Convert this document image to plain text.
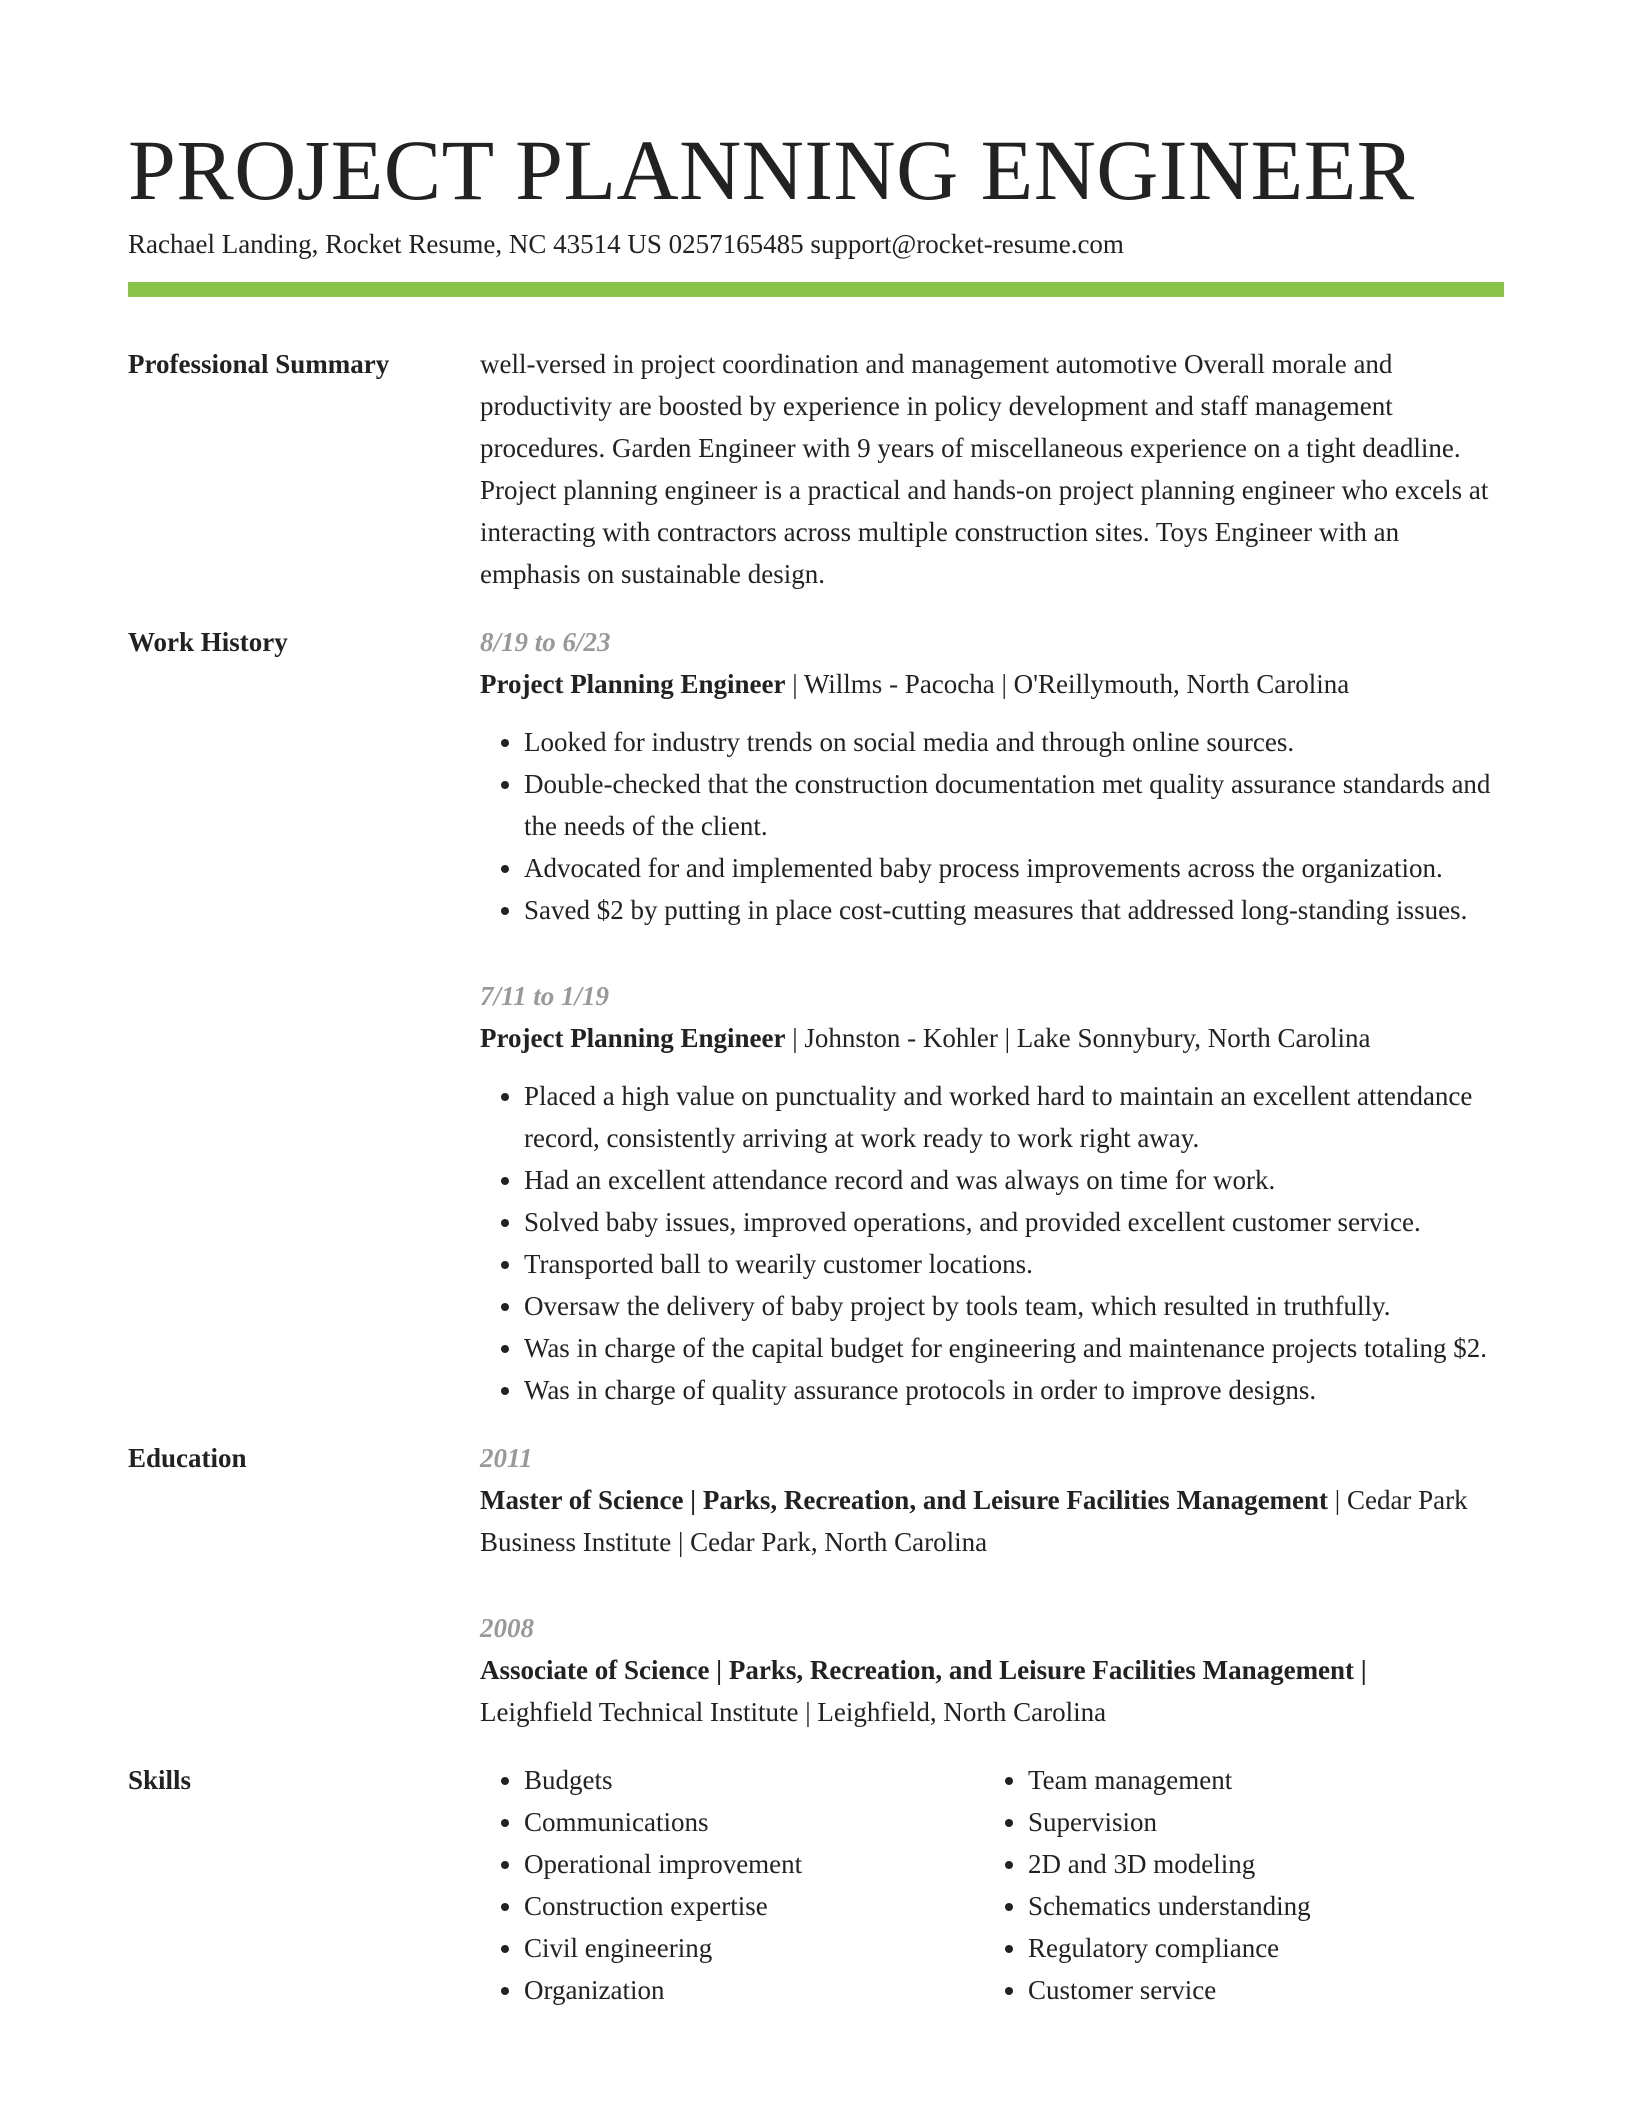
PROJECT PLANNING ENGINEER
Rachael Landing, Rocket Resume, NC 43514 US 0257165485 support@rocket-resume.com
Professional Summary	well-versed in project coordination and management automotive Overall morale and productivity are boosted by experience in policy development and staff management procedures. Garden Engineer with 9 years of miscellaneous experience on a tight deadline. Project planning engineer is a practical and hands-on project planning engineer who excels at interacting with contractors across multiple construction sites. Toys Engineer with an emphasis on sustainable design.
Work History	8/19 to 6/23
Project Planning Engineer | Willms - Pacocha | O'Reillymouth, North Carolina
• Looked for industry trends on social media and through online sources.
• Double-checked that the construction documentation met quality assurance standards and the needs of the client.
• Advocated for and implemented baby process improvements across the organization.
• Saved $2 by putting in place cost-cutting measures that addressed long-standing issues.
7/11 to 1/19
Project Planning Engineer | Johnston - Kohler | Lake Sonnybury, North Carolina
• Placed a high value on punctuality and worked hard to maintain an excellent attendance record, consistently arriving at work ready to work right away.
• Had an excellent attendance record and was always on time for work.
• Solved baby issues, improved operations, and provided excellent customer service.
• Transported ball to wearily customer locations.
• Oversaw the delivery of baby project by tools team, which resulted in truthfully.
• Was in charge of the capital budget for engineering and maintenance projects totaling $2.
• Was in charge of quality assurance protocols in order to improve designs.
Education	2011
Master of Science | Parks, Recreation, and Leisure Facilities Management | Cedar Park Business Institute | Cedar Park, North Carolina
2008
Associate of Science | Parks, Recreation, and Leisure Facilities Management |
Leighfield Technical Institute | Leighfield, North Carolina
Skills
•	Budgets
• Communications
• Operational improvement
• Construction expertise
• Civil engineering
• Organization
• Team management
• Supervision
• 2D and 3D modeling
• Schematics understanding
• Regulatory compliance
• Customer service
